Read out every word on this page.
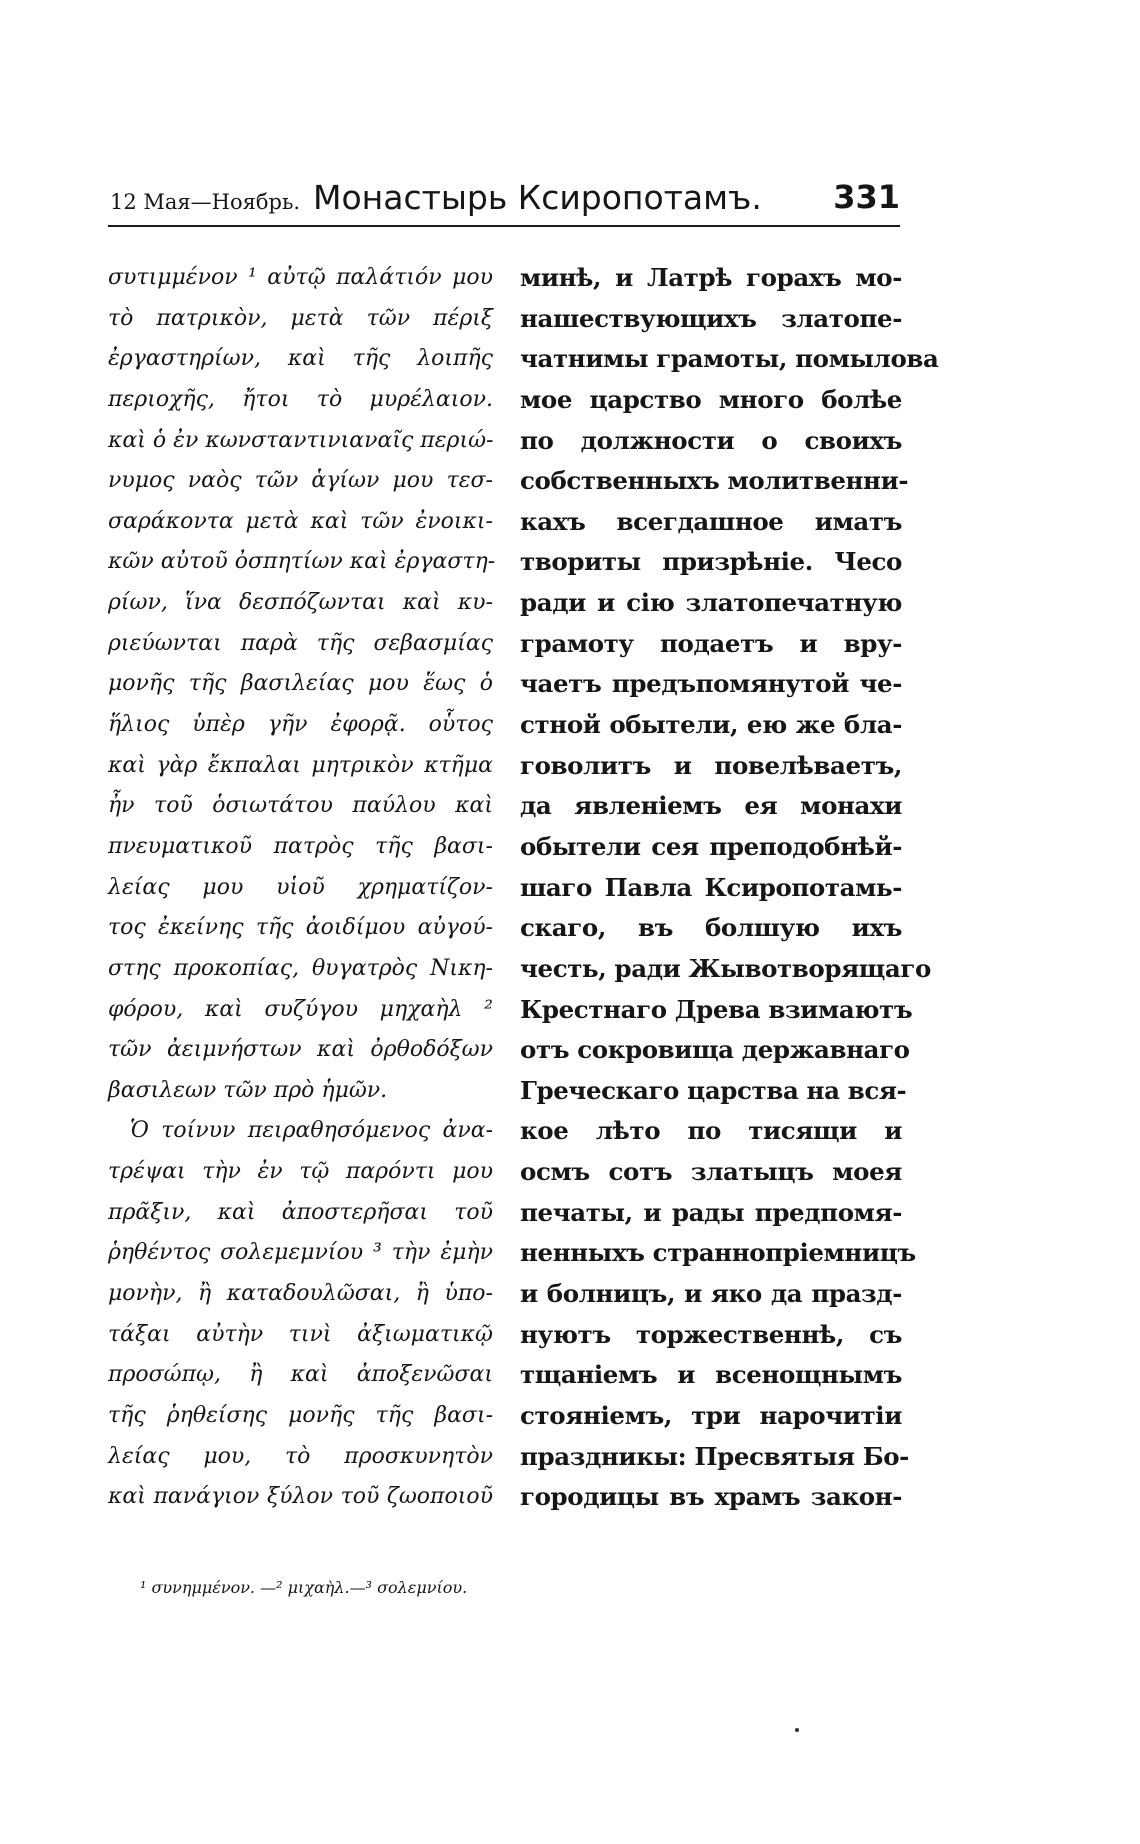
12 Мая—Ноябрь. Монастырь Ксиропотамъ. 331
συτιμμένον ¹ αὐτῷ παλάτιόν μου
τὸ πατρικὸν, μετὰ τῶν πέριξ
ἐργαστηρίων, καὶ τῆς λοιπῆς
περιοχῆς, ἤτοι τὸ μυρέλαιον.
καὶ ὁ ἐν κωνσταντινιαναῖς περιώ-
νυμος ναὸς τῶν ἁγίων μου τεσ-
σαράκοντα μετὰ καὶ τῶν ἐνοικι-
κῶν αὐτοῦ ὀσπητίων καὶ ἐργαστη-
ρίων, ἵνα δεσπόζωνται καὶ κυ-
ριεύωνται παρὰ τῆς σεβασμίας
μονῆς τῆς βασιλείας μου ἕως ὁ
ἥλιος ὑπὲρ γῆν ἐφορᾷ. οὗτος
καὶ γὰρ ἔκπαλαι μητρικὸν κτῆμα
ἦν τοῦ ὁσιωτάτου παύλου καὶ
πνευματικοῦ πατρὸς τῆς βασι-
λείας μου υἱοῦ χρηματίζον-
τος ἐκείνης τῆς ἀοιδίμου αὐγού-
στης προκοπίας, θυγατρὸς Νικη-
φόρου, καὶ συζύγου μηχαὴλ ²
τῶν ἀειμνήστων καὶ ὀρθοδόξων
βασιλεων τῶν πρὸ ἡμῶν.
Ὁ τοίνυν πειραθησόμενος ἀνα-
τρέψαι τὴν ἐν τῷ παρόντι μου
πρᾶξιν, καὶ ἀποστερῆσαι τοῦ
ῥηθέντος σολεμεμνίου ³ τὴν ἐμὴν
μονὴν, ἢ καταδουλῶσαι, ἢ ὑπο-
τάξαι αὐτὴν τινὶ ἀξιωματικῷ
προσώπῳ, ἢ καὶ ἀποξενῶσαι
τῆς ῥηθείσης μονῆς τῆς βασι-
λείας μου, τὸ προσκυνητὸν
καὶ πανάγιον ξύλον τοῦ ζωοποιοῦ
минѣ, и Латрѣ горахъ мо-
нашествующихъ златопе-
чатнимы грамоты, помылова
мое царство много болѣе
по должности о своихъ
собственныхъ молитвенни-
кахъ всегдашное иматъ
твориты призрѣніе. Чесо
ради и сію златопечатную
грамоту подаетъ и вру-
чаетъ предъпомянутой че-
стной обытели, ею же бла-
говолитъ и повелѣваетъ,
да явленіемъ ея монахи
обытели сея преподобнѣй-
шаго Павла Ксиропотамь-
скаго, въ болшую ихъ
честь, ради Жывотворящаго
Крестнаго Древа взимаютъ
отъ сокровища державнаго
Греческаго царства на вся-
кое лѣто по тисящи и
осмъ сотъ златыцъ моея
печаты, и рады предпомя-
ненныхъ страннопріемницъ
и болницъ, и яко да празд-
нуютъ торжественнѣ, съ
тщаніемъ и всенощнымъ
стояніемъ, три нарочитіи
праздникы: Пресвятыя Бо-
городицы въ храмъ закон-
¹ συνημμένον. —² μιχαὴλ.—³ σολεμνίου.
